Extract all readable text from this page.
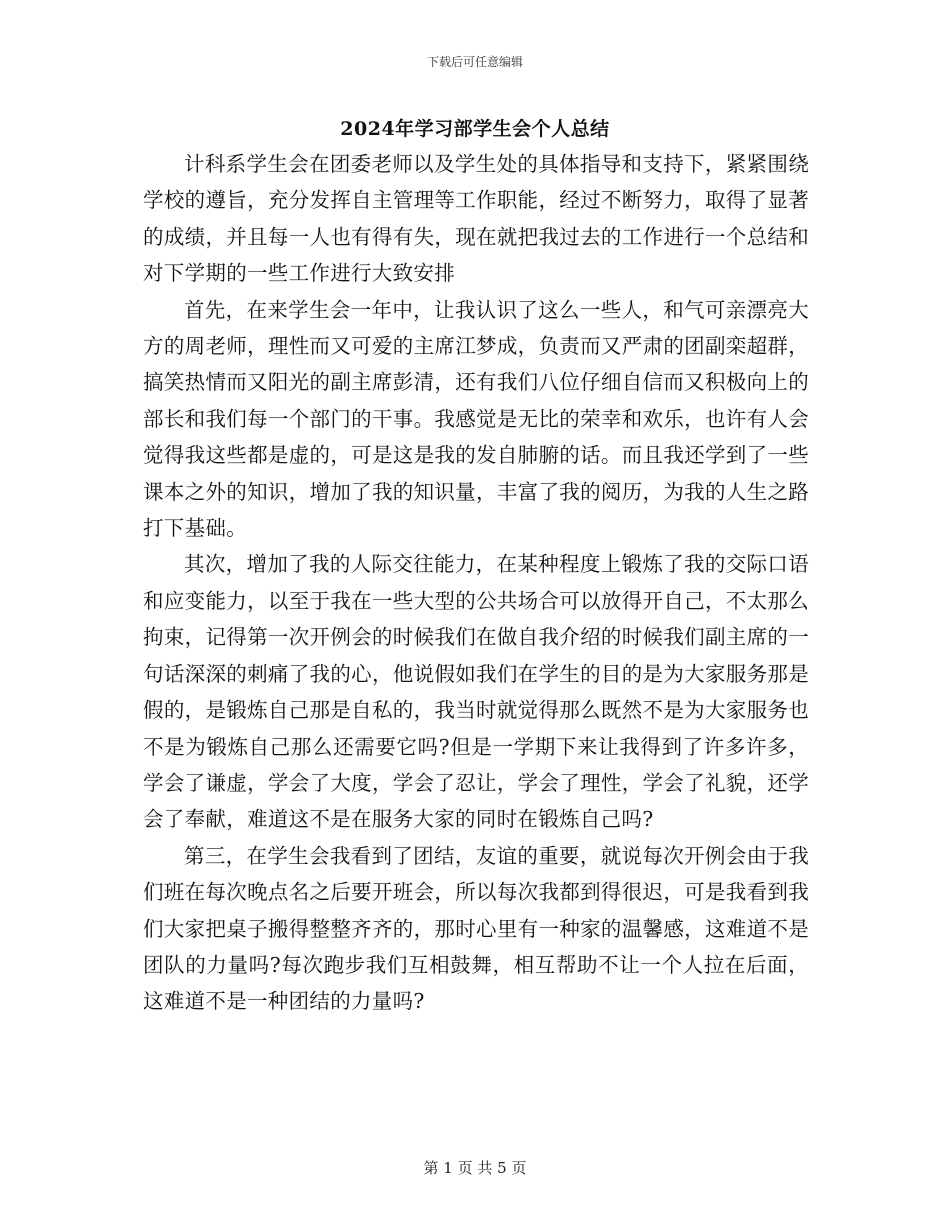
下载后可任意编辑
2024年学习部学生会个人总结

计科系学生会在团委老师以及学生处的具体指导和支持下，紧紧围绕学校的遵旨，充分发挥自主管理等工作职能，经过不断努力，取得了显著的成绩，并且每一人也有得有失，现在就把我过去的工作进行一个总结和对下学期的一些工作进行大致安排

首先，在来学生会一年中，让我认识了这么一些人，和气可亲漂亮大方的周老师，理性而又可爱的主席江梦成，负责而又严肃的团副栾超群，搞笑热情而又阳光的副主席彭清，还有我们八位仔细自信而又积极向上的部长和我们每一个部门的干事。我感觉是无比的荣幸和欢乐，也许有人会觉得我这些都是虚的，可是这是我的发自肺腑的话。而且我还学到了一些课本之外的知识，增加了我的知识量，丰富了我的阅历，为我的人生之路打下基础。

其次，增加了我的人际交往能力，在某种程度上锻炼了我的交际口语和应变能力，以至于我在一些大型的公共场合可以放得开自己，不太那么拘束，记得第一次开例会的时候我们在做自我介绍的时候我们副主席的一句话深深的刺痛了我的心，他说假如我们在学生的目的是为大家服务那是假的，是锻炼自己那是自私的，我当时就觉得那么既然不是为大家服务也不是为锻炼自己那么还需要它吗?但是一学期下来让我得到了许多许多，学会了谦虚，学会了大度，学会了忍让，学会了理性，学会了礼貌，还学会了奉献，难道这不是在服务大家的同时在锻炼自己吗?

第三，在学生会我看到了团结，友谊的重要，就说每次开例会由于我们班在每次晚点名之后要开班会，所以每次我都到得很迟，可是我看到我们大家把桌子搬得整整齐齐的，那时心里有一种家的温馨感，这难道不是团队的力量吗?每次跑步我们互相鼓舞，相互帮助不让一个人拉在后面，这难道不是一种团结的力量吗?

第 1 页 共 5 页
